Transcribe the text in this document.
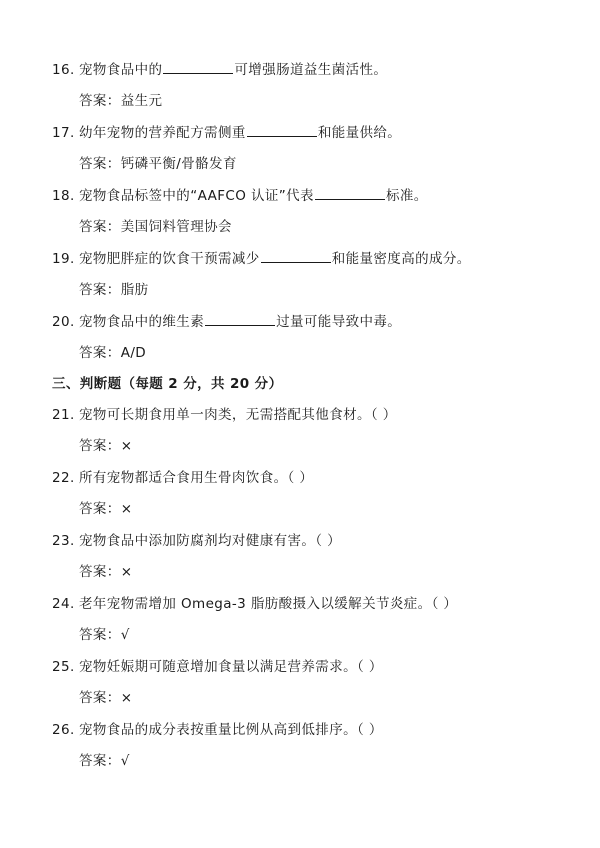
16. 宠物食品中的	可增强肠道益生菌活性。
答案：益生元
17. 幼年宠物的营养配方需侧重	和能量供给。
答案：钙磷平衡/骨骼发育
18. 宠物食品标签中的“AAFCO 认证”代表	标准。
答案：美国饲料管理协会
19. 宠物肥胖症的饮食干预需减少	和能量密度高的成分。
答案：脂肪
20. 宠物食品中的维生素	过量可能导致中毒。
答案：A/D
三、判断题（每题 2 分，共 20 分）
21. 宠物可长期食用单一肉类，无需搭配其他食材。（ ）
答案：×
22. 所有宠物都适合食用生骨肉饮食。（ ）
答案：×
23. 宠物食品中添加防腐剂均对健康有害。（ ）
答案：×
24. 老年宠物需增加 Omega-3 脂肪酸摄入以缓解关节炎症。（ ）
答案：√
25. 宠物妊娠期可随意增加食量以满足营养需求。（ ）
答案：×
26. 宠物食品的成分表按重量比例从高到低排序。（ ）
答案：√
